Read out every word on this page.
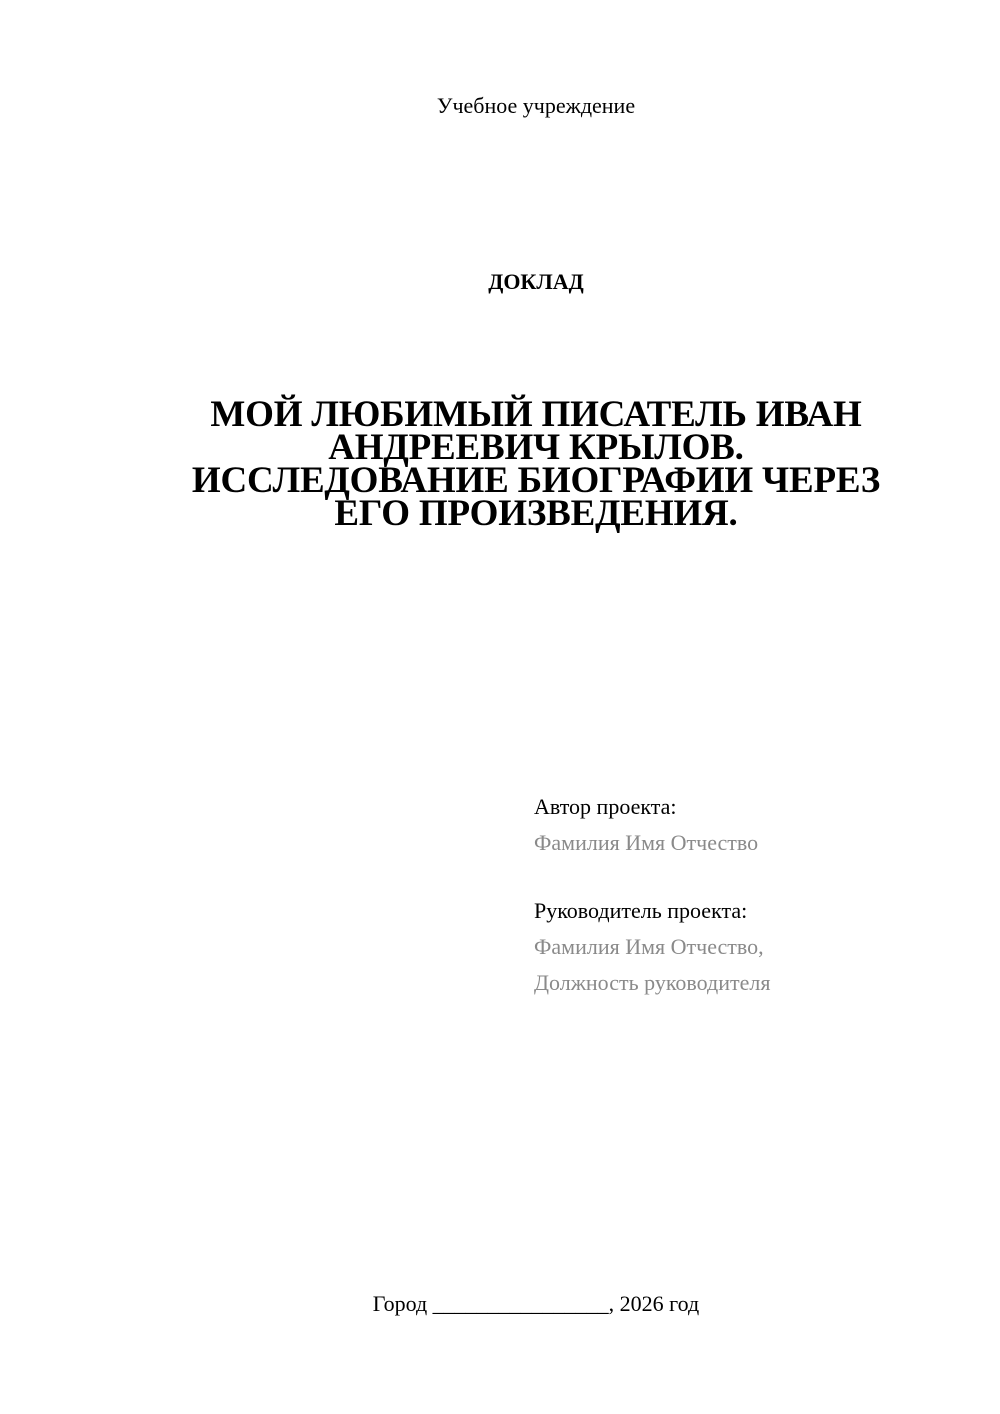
Учебное учреждение
ДОКЛАД
МОЙ ЛЮБИМЫЙ ПИСАТЕЛЬ ИВАН
АНДРЕЕВИЧ КРЫЛОВ.
ИССЛЕДОВАНИЕ БИОГРАФИИ ЧЕРЕЗ
ЕГО ПРОИЗВЕДЕНИЯ.
Автор проекта:
Фамилия Имя Отчество
Руководитель проекта:
Фамилия Имя Отчество,
Должность руководителя
Город ________________, 2026 год
